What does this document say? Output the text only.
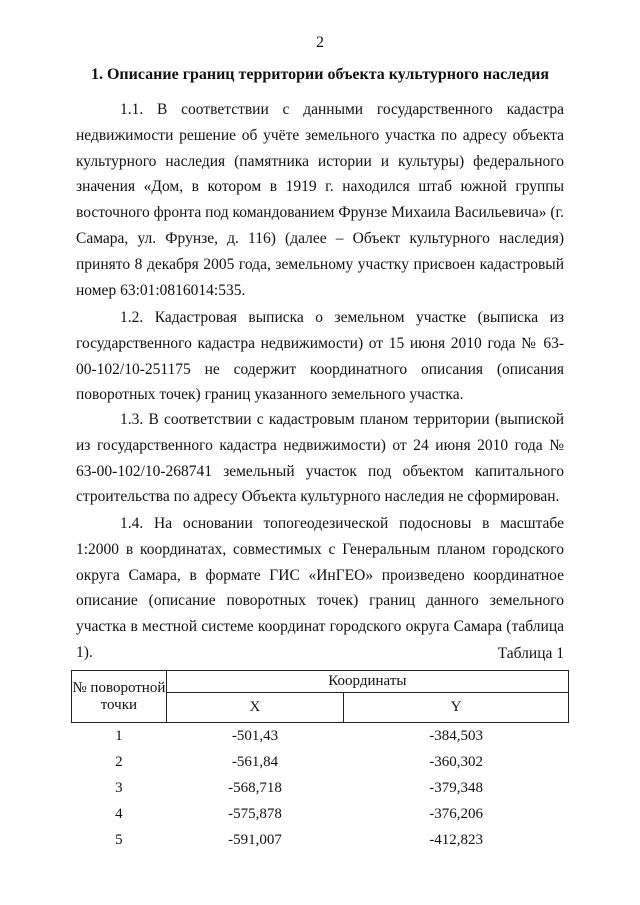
2
1. Описание границ территории объекта культурного наследия

1.1. В соответствии с данными государственного кадастра недвижимости решение об учёте земельного участка по адресу объекта культурного наследия (памятника истории и культуры) федерального значения «Дом, в котором в 1919 г. находился штаб южной группы восточного фронта под командованием Фрунзе Михаила Васильевича» (г. Самара, ул. Фрунзе, д. 116) (далее – Объект культурного наследия) принято 8 декабря 2005 года, земельному участку присвоен кадастровый номер 63:01:0816014:535.

1.2. Кадастровая выписка о земельном участке (выписка из государственного кадастра недвижимости) от 15 июня 2010 года № 63-00-102/10-251175 не содержит координатного описания (описания поворотных точек) границ указанного земельного участка.

1.3. В соответствии с кадастровым планом территории (выпиской из государственного кадастра недвижимости) от 24 июня 2010 года № 63-00-102/10-268741 земельный участок под объектом капитального строительства по адресу Объекта культурного наследия не сформирован.

1.4. На основании топогеодезической подосновы в масштабе 1:2000 в координатах, совместимых с Генеральным планом городского округа Самара, в формате ГИС «ИнГЕО» произведено координатное описание (описание поворотных точек) границ данного земельного участка в местной системе координат городского округа Самара (таблица 1).	Таблица 1
№ поворотной точки	Координаты	
	X	Y
1	-501,43	-384,503
2	-561,84	-360,302
3	-568,718	-379,348
4	-575,878	-376,206
5	-591,007	-412,823
